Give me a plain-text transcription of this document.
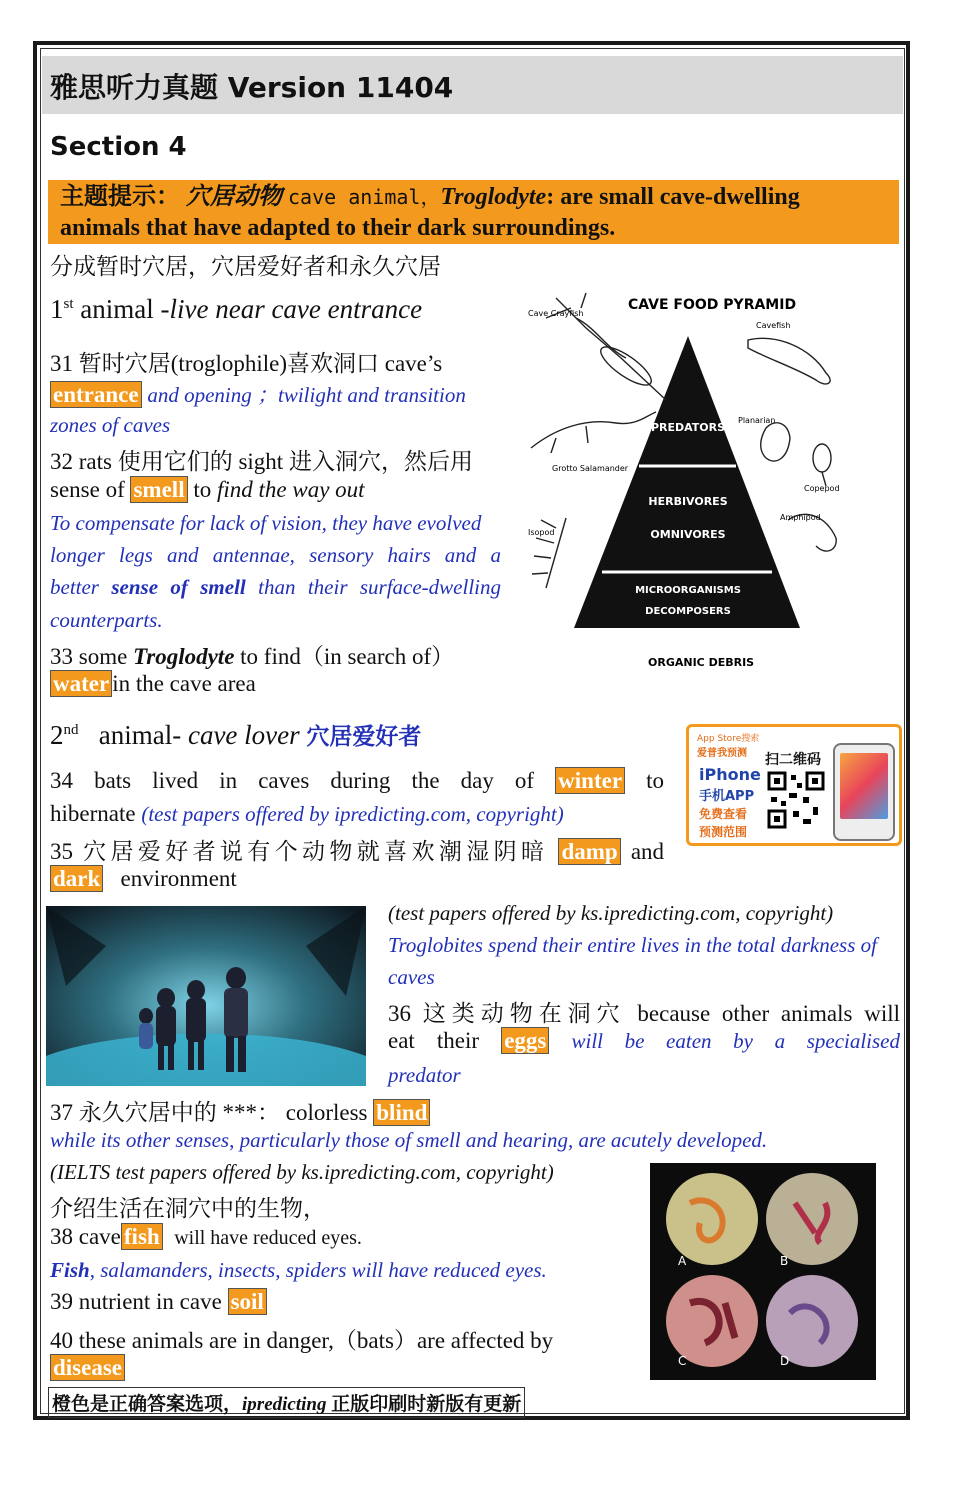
雅思听力真题 Version 11404
Section 4
主题提示： 穴居动物 cave animal，Troglodyte: are small cave-dwelling
animals that have adapted to their dark surroundings.
分成暂时穴居，穴居爱好者和永久穴居
1st animal -live near cave entrance
31 暂时穴居(troglophile)喜欢洞口 cave’s
entrance and opening ；twilight and transition
zones of caves
32 rats 使用它们的 sight 进入洞穴，然后用
sense of smell to find the way out
To compensate for lack of vision, they have evolved
longer legs and antennae, sensory hairs and a
better sense of smell than their surface-dwelling
counterparts.
33 some Troglodyte to find（in search of）
water in the cave area
CAVE FOOD PYRAMID
PREDATORS
HERBIVORES
OMNIVORES
MICROORGANISMS
DECOMPOSERS
ORGANIC DEBRIS
Cave Crayfish
Cavefish
Planarian
Grotto Salamander
Copepod
Amphipod
Isopod
2nd animal- cave lover 穴居爱好者	App Store搜索
爱普我预测 扫二维码
iPhone
手机APP
免费查看
预测范围
34 bats lived in caves during the day of winter to
hibernate (test papers offered by ipredicting.com, copyright)
35 穴居爱好者说有个动物就喜欢潮湿阴暗 damp and
dark environment
(test papers offered by ks.ipredicting.com, copyright)
Troglobites spend their entire lives in the total darkness of
caves
36 这类动物在洞穴 because other animals will
eat their eggs will be eaten by a specialised
predator
37 永久穴居中的 ***： colorless blind
while its other senses, particularly those of smell and hearing, are acutely developed.
(IELTS test papers offered by ks.ipredicting.com, copyright)
介绍生活在洞穴中的生物，
38 cave fish will have reduced eyes.
Fish, salamanders, insects, spiders will have reduced eyes.
39 nutrient in cave soil
40 these animals are in danger,（bats）are affected by
disease
A	B
C	D
橙色是正确答案选项，ipredicting 正版印刷时新版有更新
